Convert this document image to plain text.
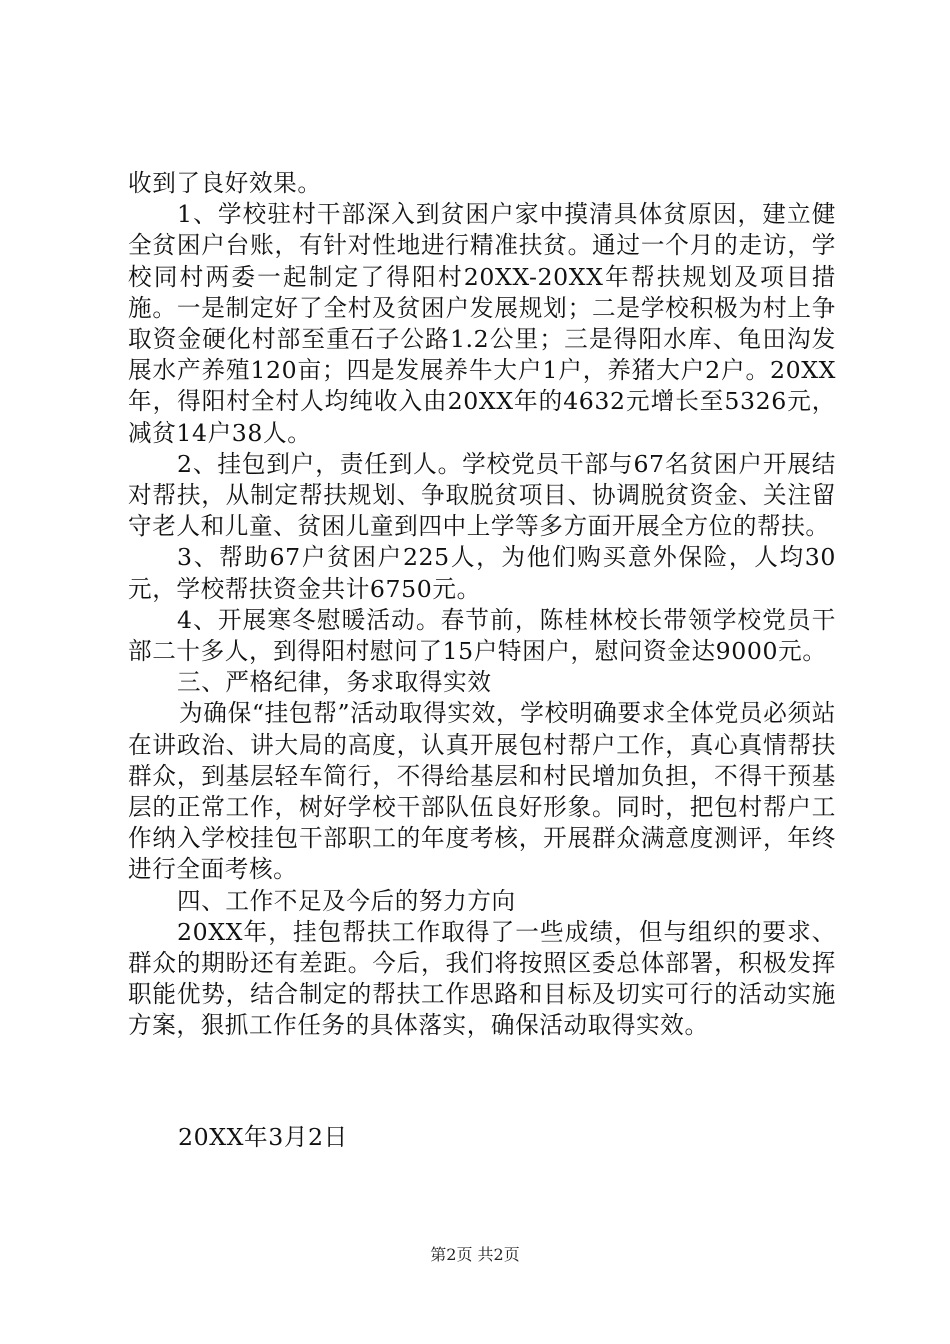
收到了良好效果。

1、学校驻村干部深入到贫困户家中摸清具体贫原因，建立健全贫困户台账，有针对性地进行精准扶贫。通过一个月的走访，学校同村两委一起制定了得阳村20XX-20XX年帮扶规划及项目措施。一是制定好了全村及贫困户发展规划；二是学校积极为村上争取资金硬化村部至重石子公路1.2公里；三是得阳水库、龟田沟发展水产养殖120亩；四是发展养牛大户1户，养猪大户2户。20XX年，得阳村全村人均纯收入由20XX年的4632元增长至5326元，减贫14户38人。

2、挂包到户，责任到人。学校党员干部与67名贫困户开展结对帮扶，从制定帮扶规划、争取脱贫项目、协调脱贫资金、关注留守老人和儿童、贫困儿童到四中上学等多方面开展全方位的帮扶。

3、帮助67户贫困户225人，为他们购买意外保险，人均30元，学校帮扶资金共计6750元。

4、开展寒冬慰暖活动。春节前，陈桂林校长带领学校党员干部二十多人，到得阳村慰问了15户特困户，慰问资金达9000元。

三、严格纪律，务求取得实效

为确保“挂包帮”活动取得实效，学校明确要求全体党员必须站在讲政治、讲大局的高度，认真开展包村帮户工作，真心真情帮扶群众，到基层轻车简行，不得给基层和村民增加负担，不得干预基层的正常工作，树好学校干部队伍良好形象。同时，把包村帮户工作纳入学校挂包干部职工的年度考核，开展群众满意度测评，年终进行全面考核。

四、工作不足及今后的努力方向

20XX年，挂包帮扶工作取得了一些成绩，但与组织的要求、群众的期盼还有差距。今后，我们将按照区委总体部署，积极发挥职能优势，结合制定的帮扶工作思路和目标及切实可行的活动实施方案，狠抓工作任务的具体落实，确保活动取得实效。

20XX年3月2日
第2页 共2页
